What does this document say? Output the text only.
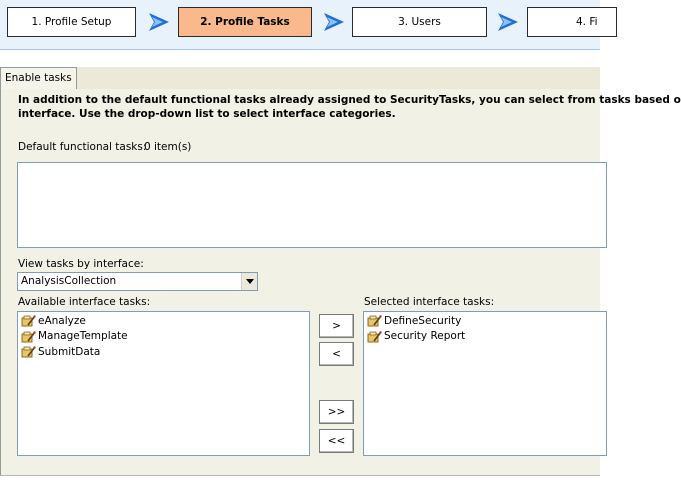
1. Profile Setup	2. Profile Tasks	3. Users	4. Fi
Enable tasks
In addition to the default functional tasks already assigned to SecurityTasks, you can select from tasks based o
interface. Use the drop-down list to select interface categories.
Default functional tasks:
0 item(s)
View tasks by interface:
AnalysisCollection
Available interface tasks:	Selected interface tasks:
eAnalyze
ManageTemplate
SubmitData
DefineSecurity
Security Report
>
<
>>
<<
